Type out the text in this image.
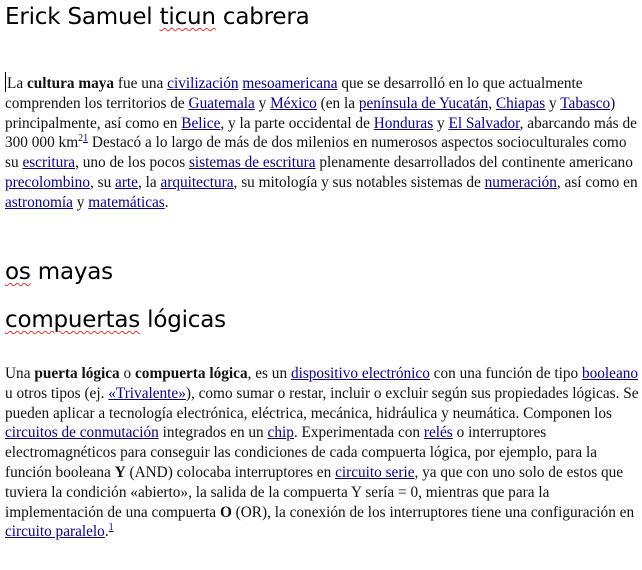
Erick Samuel ticun cabrera

La cultura maya fue una civilización mesoamericana que se desarrolló en lo que actualmente comprenden los territorios de Guatemala y México (en la península de Yucatán, Chiapas y Tabasco) principalmente, así como en Belice, y la parte occidental de Honduras y El Salvador, abarcando más de 300 000 $km^{21}$ Destacó a lo largo de más de dos milenios en numerosos aspectos socioculturales como su escritura, uno de los pocos sistemas de escritura plenamente desarrollados del continente americano precolombino, su arte, la arquitectura, su mitología y sus notables sistemas de numeración, así como en astronomía y matemáticas.

os mayas
compuertas lógicas

Una puerta lógica o compuerta lógica, es un dispositivo electrónico con una función de tipo booleano u otros tipos (ej. «Trivalente»), como sumar o restar, incluir o excluir según sus propiedades lógicas. Se pueden aplicar a tecnología electrónica, eléctrica, mecánica, hidráulica y neumática. Componen los circuitos de conmutación integrados en un chip. Experimentada con relés o interruptores electromagnéticos para conseguir las condiciones de cada compuerta lógica, por ejemplo, para la función booleana Y (AND) colocaba interruptores en circuito serie, ya que con uno solo de estos que tuviera la condición «abierto», la salida de la compuerta Y sería = 0, mientras que para la implementación de una compuerta O (OR), la conexión de los interruptores tiene una configuración en circuito paralelo.$^1$
